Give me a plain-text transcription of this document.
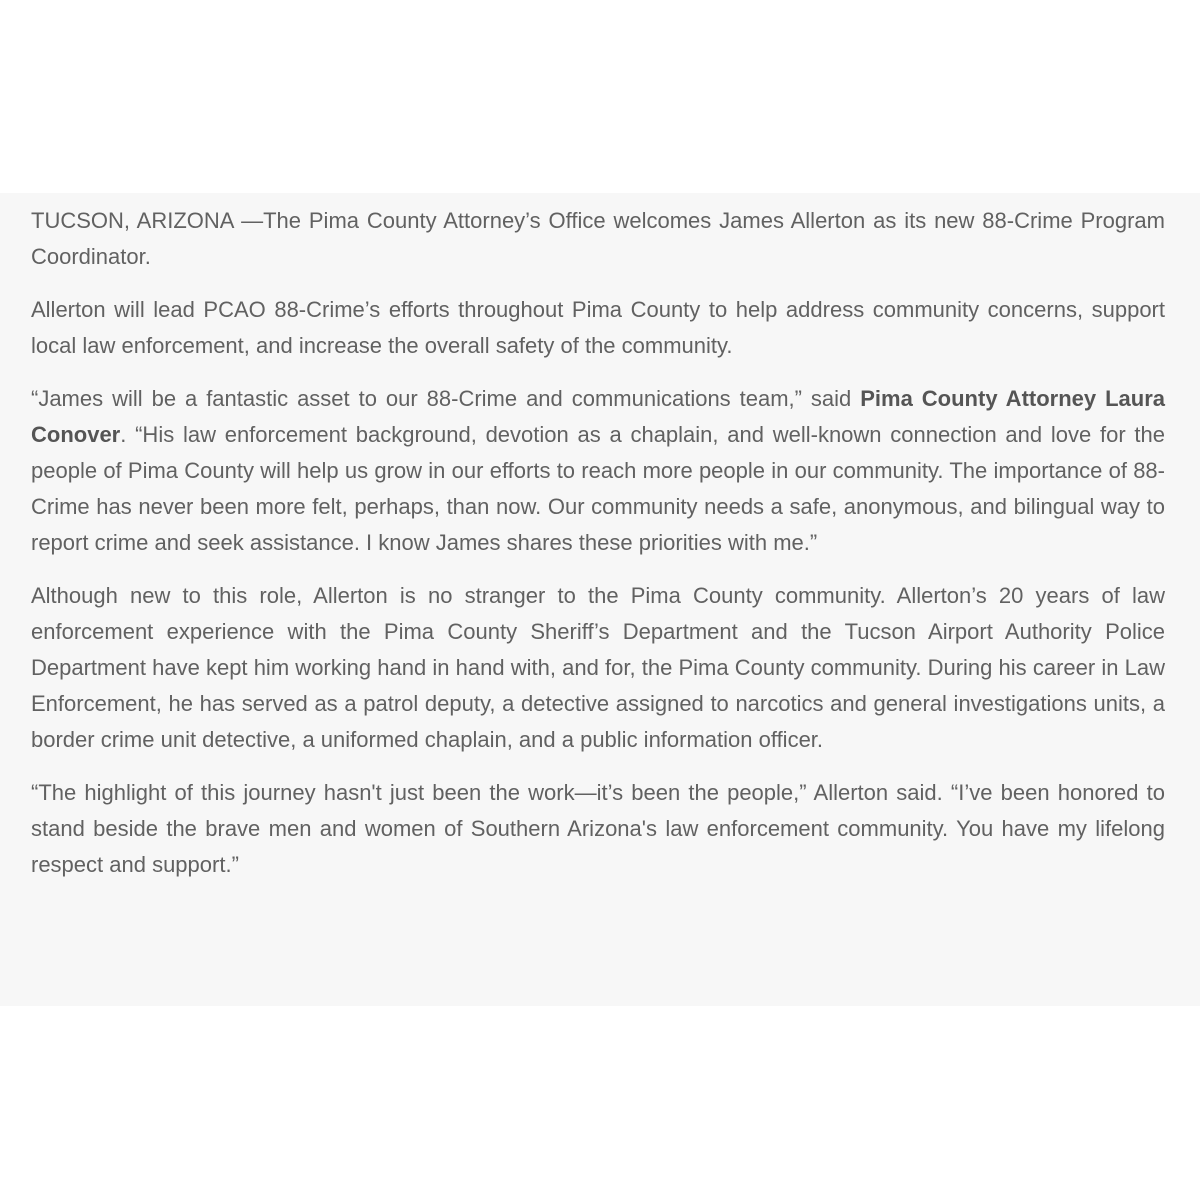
TUCSON, ARIZONA —The Pima County Attorney’s Office welcomes James Allerton as its new 88-Crime Program Coordinator.

Allerton will lead PCAO 88-Crime’s efforts throughout Pima County to help address community concerns, support local law enforcement, and increase the overall safety of the community.

“James will be a fantastic asset to our 88-Crime and communications team,” said Pima County Attorney Laura Conover. “His law enforcement background, devotion as a chaplain, and well-known connection and love for the people of Pima County will help us grow in our efforts to reach more people in our community. The importance of 88-Crime has never been more felt, perhaps, than now. Our community needs a safe, anonymous, and bilingual way to report crime and seek assistance. I know James shares these priorities with me.”

Although new to this role, Allerton is no stranger to the Pima County community. Allerton’s 20 years of law enforcement experience with the Pima County Sheriff’s Department and the Tucson Airport Authority Police Department have kept him working hand in hand with, and for, the Pima County community. During his career in Law Enforcement, he has served as a patrol deputy, a detective assigned to narcotics and general investigations units, a border crime unit detective, a uniformed chaplain, and a public information officer.

“The highlight of this journey hasn't just been the work—it’s been the people,” Allerton said. “I’ve been honored to stand beside the brave men and women of Southern Arizona's law enforcement community. You have my lifelong respect and support.”
